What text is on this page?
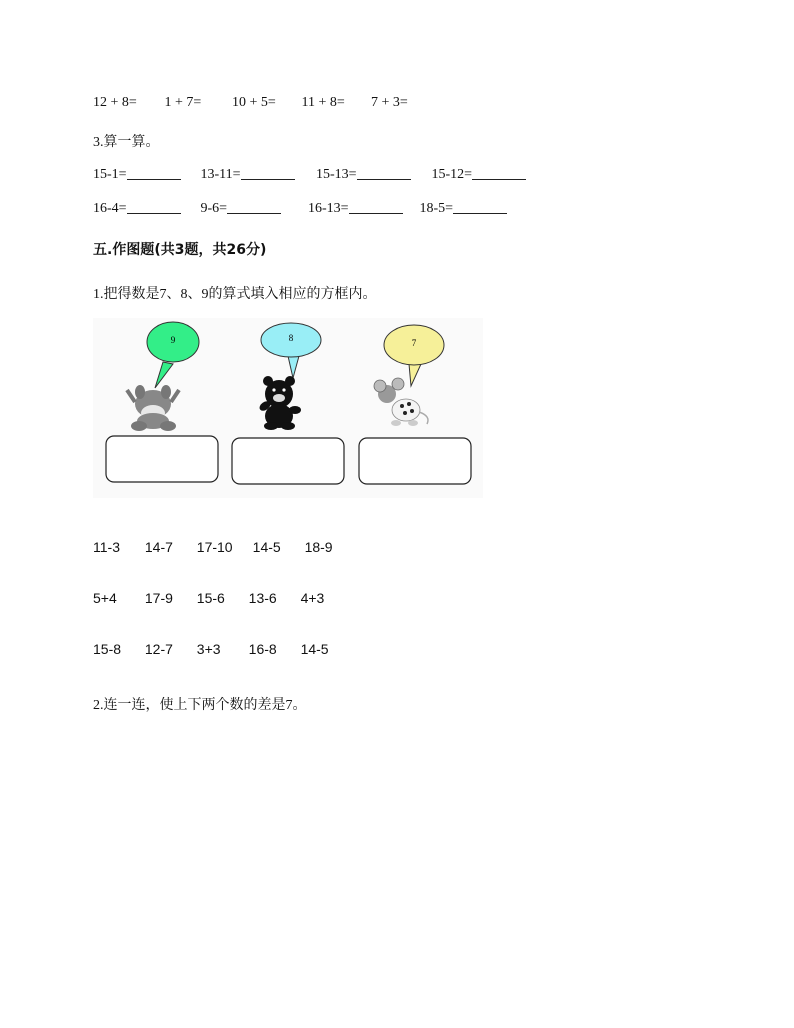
12 + 8= 1 + 7= 10 + 5= 11 + 8= 7 + 3=
3.算一算。
15-1=	13-11=	15-13=	15-12=
16-4=	9-6=	16-13=	18-5=
五.作图题(共3题，共26分)
1.把得数是7、8、9的算式填入相应的方框内。
9	8	7
11-3 14-7 17-10 14-5 18-9
5+4 17-9 15-6 13-6 4+3
15-8 12-7 3+3 16-8 14-5
2.连一连，使上下两个数的差是7。
